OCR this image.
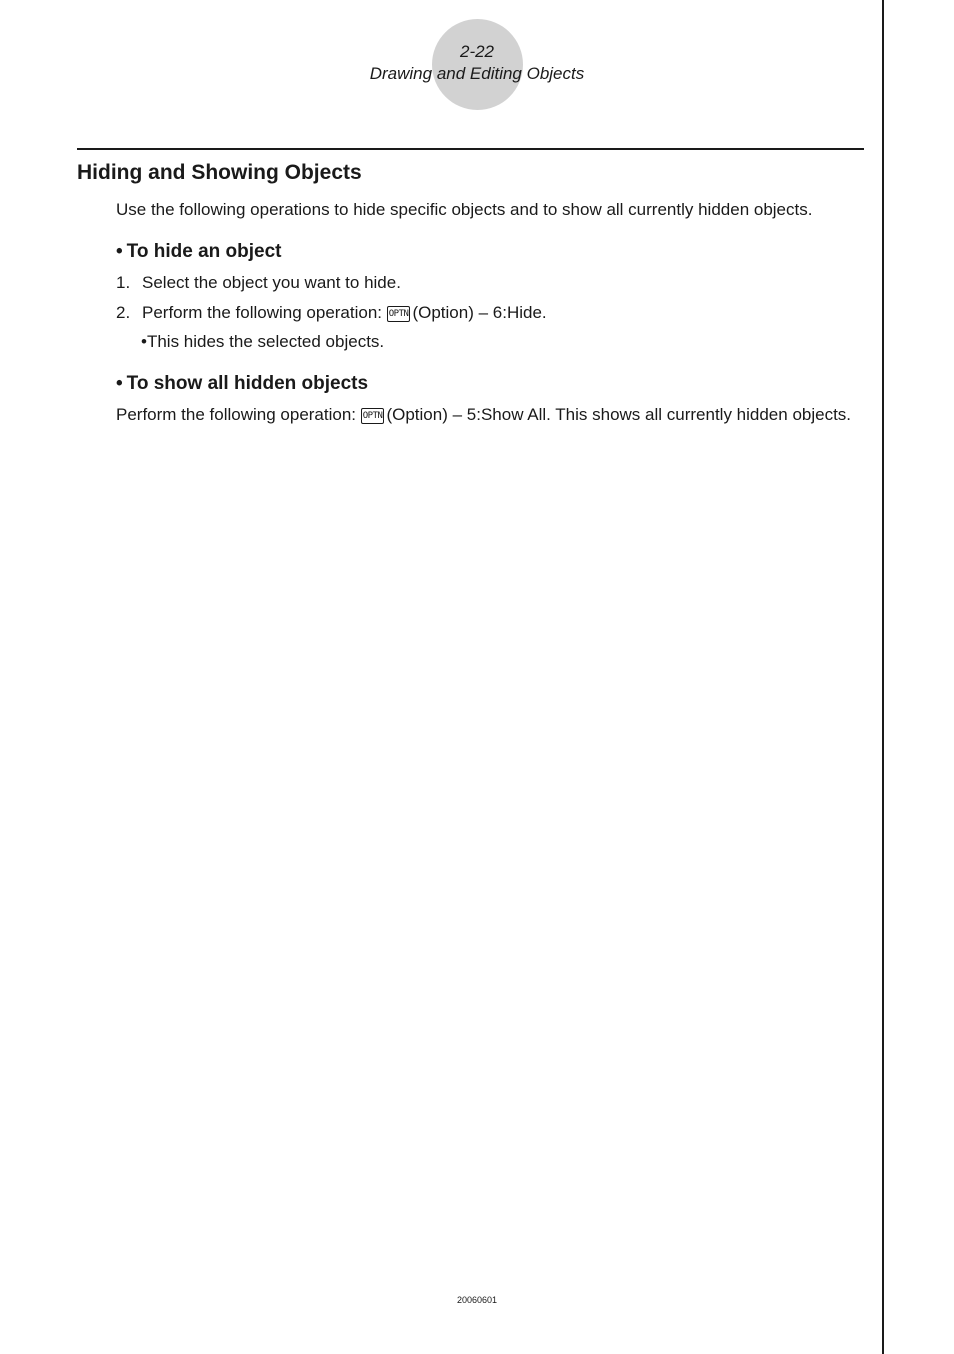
2-22
Drawing and Editing Objects
Hiding and Showing Objects

Use the following operations to hide specific objects and to show all currently hidden objects.

• To hide an object
1. Select the object you want to hide.
2. Perform the following operation: OPTN (Option) – 6:Hide.
•This hides the selected objects.
• To show all hidden objects

Perform the following operation: OPTN (Option) – 5:Show All. This shows all currently hidden objects.

20060601
